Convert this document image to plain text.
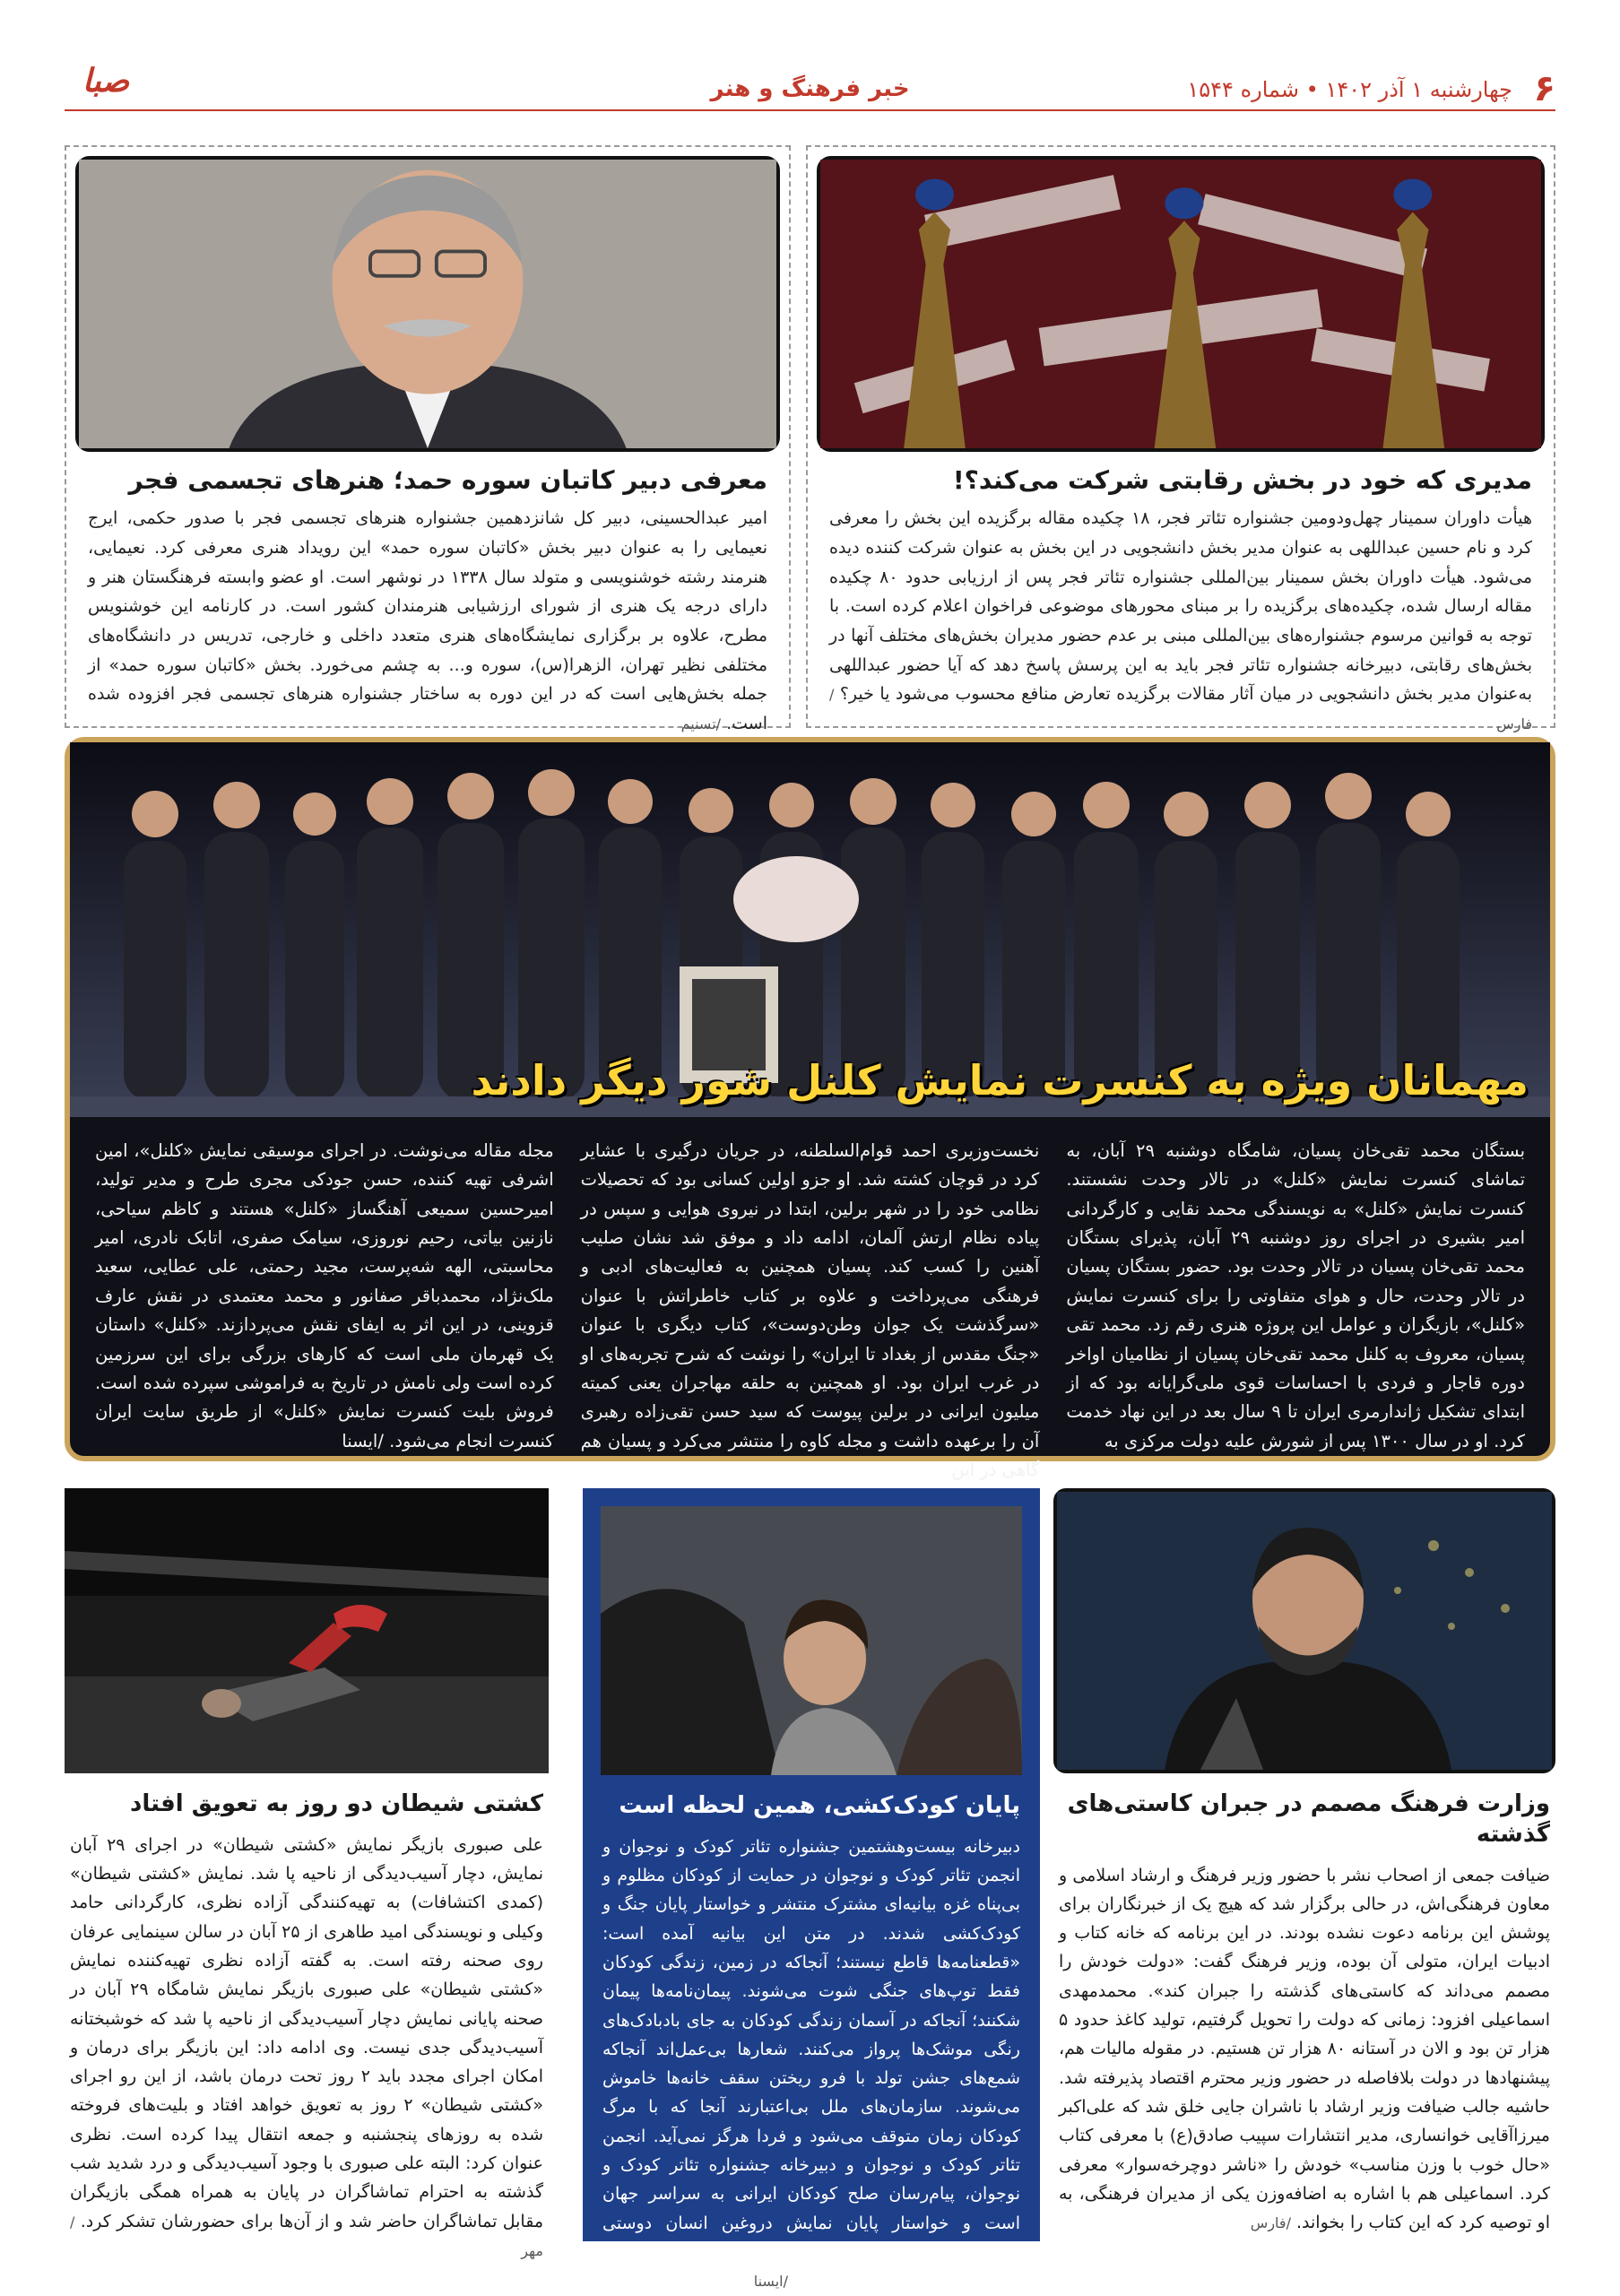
۶
چهارشنبه ۱ آذر ۱۴۰۲ • شماره ۱۵۴۴
خبر فرهنگ و هنر
صبا
مدیری که خود در بخش رقابتی شرکت می‌کند؟!

هیأت داوران سمینار چهل‌ودومین جشنواره تئاتر فجر، ۱۸ چکیده مقاله برگزیده این بخش را معرفی کرد و نام حسین عبداللهی به عنوان مدیر بخش دانشجویی در این بخش به عنوان شرکت کننده دیده می‌شود. هیأت داوران بخش سمینار بین‌المللی جشنواره تئاتر فجر پس از ارزیابی حدود ۸۰ چکیده مقاله ارسال شده، چکیده‌های برگزیده را بر مبنای محورهای موضوعی فراخوان اعلام کرده است. با توجه به قوانین مرسوم جشنواره‌های بین‌المللی مبنی بر عدم حضور مدیران بخش‌های مختلف آنها در بخش‌های رقابتی، دبیرخانه جشنواره تئاتر فجر باید به این پرسش پاسخ دهد که آیا حضور عبداللهی به‌عنوان مدیر بخش دانشجویی در میان آثار مقالات برگزیده تعارض منافع محسوب می‌شود یا خیر؟ /فارس

معرفی دبیر کاتبان سوره حمد؛ هنرهای تجسمی فجر

امیر عبدالحسینی، دبیر کل شانزدهمین جشنواره هنرهای تجسمی فجر با صدور حکمی، ایرج نعیمایی را به عنوان دبیر بخش «کاتبان سوره حمد» این رویداد هنری معرفی کرد. نعیمایی، هنرمند رشته خوشنویسی و متولد سال ۱۳۳۸ در نوشهر است. او عضو وابسته فرهنگستان هنر و دارای درجه یک هنری از شورای ارزشیابی هنرمندان کشور است. در کارنامه این خوشنویس مطرح، علاوه بر برگزاری نمایشگاه‌های هنری متعدد داخلی و خارجی، تدریس در دانشگاه‌های مختلفی نظیر تهران، الزهرا(س)، سوره و... به چشم می‌خورد. بخش «کاتبان سوره حمد» از جمله بخش‌هایی است که در این دوره به ساختار جشنواره هنرهای تجسمی فجر افزوده شده است. /تسنیم

مهمانان ویژه به کنسرت نمایش کلنل شور دیگر دادند

بستگان محمد تقی‌خان پسیان، شامگاه دوشنبه ۲۹ آبان، به تماشای کنسرت نمایش «کلنل» در تالار وحدت نشستند. کنسرت نمایش «کلنل» به نویسندگی محمد نقایی و کارگردانی امیر بشیری در اجرای روز دوشنبه ۲۹ آبان، پذیرای بستگان محمد تقی‌خان پسیان در تالار وحدت بود. حضور بستگان پسیان در تالار وحدت، حال و هوای متفاوتی را برای کنسرت نمایش «کلنل»، بازیگران و عوامل این پروژه هنری رقم زد. محمد تقی پسیان، معروف به کلنل محمد تقی‌خان پسیان از نظامیان اواخر دوره قاجار و فردی با احساسات قوی ملی‌گرایانه بود که از ابتدای تشکیل ژاندارمری ایران تا ۹ سال بعد در این نهاد خدمت کرد. او در سال ۱۳۰۰ پس از شورش علیه دولت مرکزی به

نخست‌وزیری احمد قوام‌السلطنه، در جریان درگیری با عشایر کرد در قوچان کشته شد. او جزو اولین کسانی بود که تحصیلات نظامی خود را در شهر برلین، ابتدا در نیروی هوایی و سپس در پیاده نظام ارتش آلمان، ادامه داد و موفق شد نشان صلیب آهنین را کسب کند. پسیان همچنین به فعالیت‌های ادبی و فرهنگی می‌پرداخت و علاوه بر کتاب خاطراتش با عنوان «سرگذشت یک جوان وطن‌دوست»، کتاب دیگری با عنوان «جنگ مقدس از بغداد تا ایران» را نوشت که شرح تجربه‌های او در غرب ایران بود. او همچنین به حلقه مهاجران یعنی کمیته میلیون ایرانی در برلین پیوست که سید حسن تقی‌زاده رهبری آن را برعهده داشت و مجله کاوه را منتشر می‌کرد و پسیان هم گاهی در این

مجله مقاله می‌نوشت. در اجرای موسیقی نمایش «کلنل»، امین اشرفی تهیه کننده، حسن جودکی مجری طرح و مدیر تولید، امیرحسین سمیعی آهنگساز «کلنل» هستند و کاظم سیاحی، نازنین بیاتی، رحیم نوروزی، سیامک صفری، اتابک نادری، امیر محاسبتی، الهه شه‌پرست، مجید رحمتی، علی عطایی، سعید ملک‌نژاد، محمدباقر صفانور و محمد معتمدی در نقش عارف قزوینی، در این اثر به ایفای نقش می‌پردازند. «کلنل» داستان یک قهرمان ملی است که کارهای بزرگی برای این سرزمین کرده است ولی نامش در تاریخ به فراموشی سپرده شده است. فروش بلیت کنسرت نمایش «کلنل» از طریق سایت ایران کنسرت انجام می‌شود. /ایسنا

وزارت فرهنگ مصمم در جبران کاستی‌های گذشته

ضیافت جمعی از اصحاب نشر با حضور وزیر فرهنگ و ارشاد اسلامی و معاون فرهنگی‌اش، در حالی برگزار شد که هیچ یک از خبرنگاران برای پوشش این برنامه دعوت نشده بودند. در این برنامه که خانه کتاب و ادبیات ایران، متولی آن بوده، وزیر فرهنگ گفت: «دولت خودش را مصمم می‌داند که کاستی‌های گذشته را جبران کند». محمدمهدی اسماعیلی افزود: زمانی که دولت را تحویل گرفتیم، تولید کاغذ حدود ۵ هزار تن بود و الان در آستانه ۸۰ هزار تن هستیم. در مقوله مالیات هم، پیشنهادها در دولت بلافاصله در حضور وزیر محترم اقتصاد پذیرفته شد. حاشیه جالب ضیافت وزیر ارشاد با ناشران جایی خلق شد که علی‌اکبر میرزاآقایی خوانساری، مدیر انتشارات سپیب صادق(ع) با معرفی کتاب «حال خوب با وزن مناسب» خودش را «ناشر دوچرخه‌سوار» معرفی کرد. اسماعیلی هم با اشاره به اضافه‌وزن یکی از مدیران فرهنگی، به او توصیه کرد که این کتاب را بخواند. /فارس

پایان کودک‌کشی، همین لحظه است

دبیرخانه بیست‌وهشتمین جشنواره تئاتر کودک و نوجوان و انجمن تئاتر کودک و نوجوان در حمایت از کودکان مظلوم و بی‌پناه غزه بیانیه‌ای مشترک منتشر و خواستار پایان جنگ و کودک‌کشی شدند. در متن این بیانیه آمده است: «قطعنامه‌ها قاطع نیستند؛ آنجاکه در زمین، زندگی کودکان فقط توپ‌های جنگی شوت می‌شوند. پیمان‌نامه‌ها پیمان شکنند؛ آنجاکه در آسمان زندگی کودکان به جای بادبادک‌های رنگی موشک‌ها پرواز می‌کنند. شعارها بی‌عمل‌اند آنجاکه شمع‌های جشن تولد با فرو ریختن سقف خانه‌ها خاموش می‌شوند. سازمان‌های ملل بی‌اعتبارند آنجا که با مرگ کودکان زمان متوقف می‌شود و فردا هرگز نمی‌آید. انجمن تئاتر کودک و نوجوان و دبیرخانه جشنواره تئاتر کودک و نوجوان، پیام‌رسان صلح کودکان ایرانی به سراسر جهان است و خواستار پایان نمایش دروغین انسان دوستی قدرت‌هاست. زمان پایان جنگ، پایان زیاده‌خواهی، پایان کودک‌کشی، همین لحظه است.» /ایسنا

کشتی شیطان دو روز به تعویق افتاد

علی صبوری بازیگر نمایش «کشتی شیطان» در اجرای ۲۹ آبان نمایش، دچار آسیب‌دیدگی از ناحیه پا شد. نمایش «کشتی شیطان» (کمدی اکتشافات) به تهیه‌کنندگی آزاده نظری، کارگردانی حامد وکیلی و نویسندگی امید طاهری از ۲۵ آبان در سالن سینمایی عرفان روی صحنه رفته است. به گفته آزاده نظری تهیه‌کننده نمایش «کشتی شیطان» علی صبوری بازیگر نمایش شامگاه ۲۹ آبان در صحنه پایانی نمایش دچار آسیب‌دیدگی از ناحیه پا شد که خوشبختانه آسیب‌دیدگی جدی نیست. وی ادامه داد: این بازیگر برای درمان و امکان اجرای مجدد باید ۲ روز تحت درمان باشد، از این رو اجرای «کشتی شیطان» ۲ روز به تعویق خواهد افتاد و بلیت‌های فروخته شده به روزهای پنجشنبه و جمعه انتقال پیدا کرده است. نظری عنوان کرد: البته علی صبوری با وجود آسیب‌دیدگی و درد شدید شب گذشته به احترام تماشاگران در پایان به همراه همگی بازیگران مقابل تماشاگران حاضر شد و از آن‌ها برای حضورشان تشکر کرد. /مهر
